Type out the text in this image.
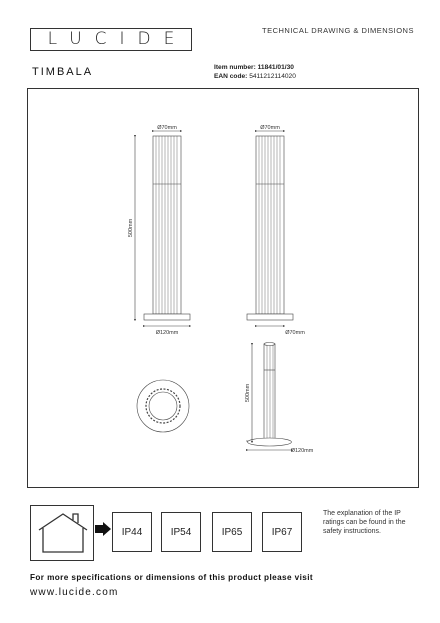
LUCIDE	TECHNICAL DRAWING & DIMENSIONS
TIMBALA	Item number: 11841/01/30
EAN code: 5411212114020
Ø70mm
Ø120mm
500mm
Ø70mm
Ø70mm
500mm
Ø120mm
IP44	IP54	IP65	IP67
The explanation of the IP ratings can be found in the safety instructions.
For more specifications or dimensions of this product please visit
www.lucide.com
